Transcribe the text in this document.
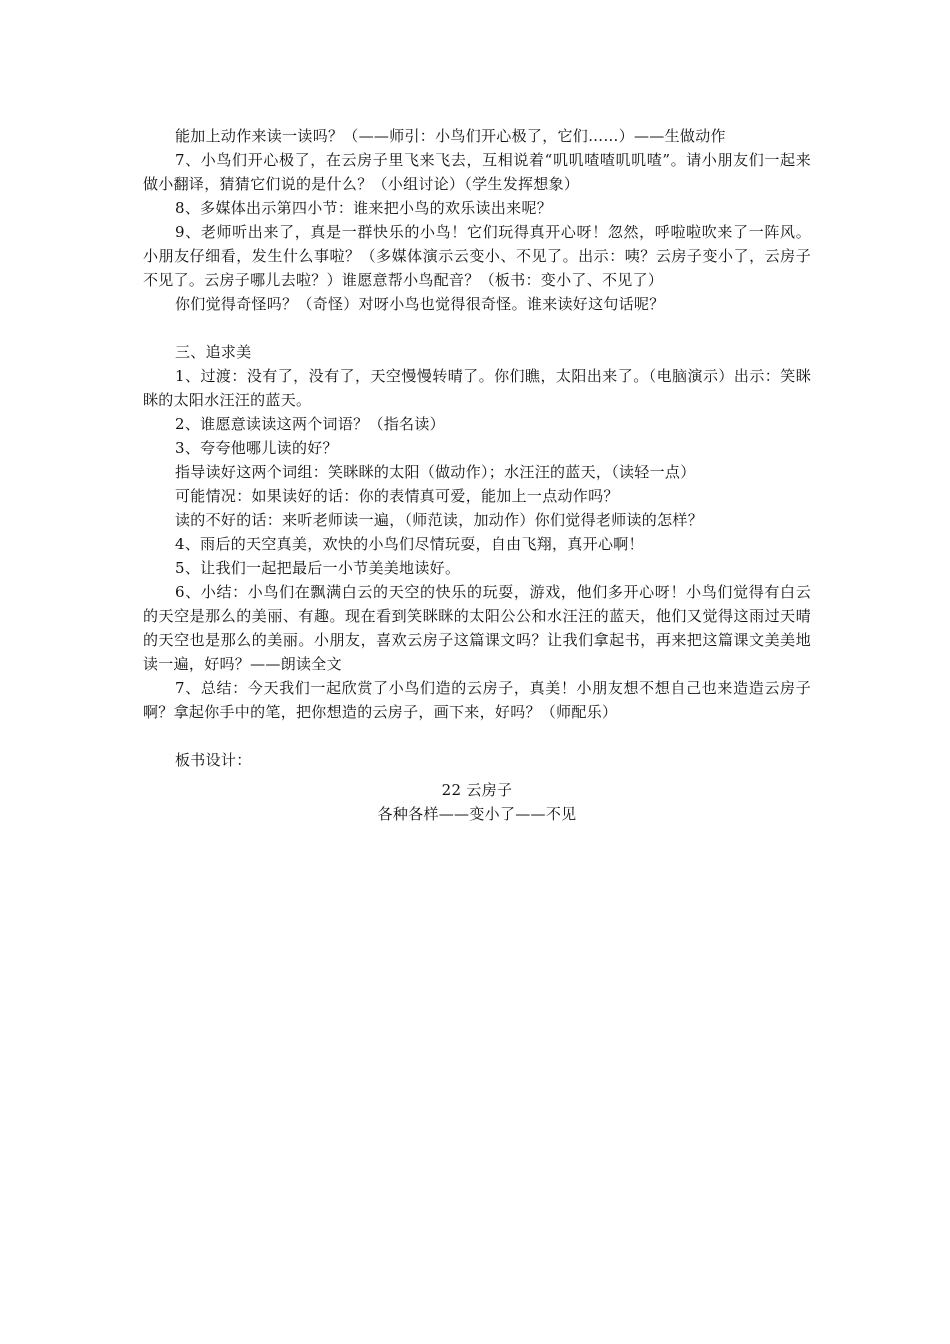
能加上动作来读一读吗？（——师引：小鸟们开心极了，它们……）——生做动作

7、小鸟们开心极了，在云房子里飞来飞去，互相说着“叽叽喳喳叽叽喳”。请小朋友们一起来做小翻译，猜猜它们说的是什么？（小组讨论）（学生发挥想象）

8、多媒体出示第四小节：谁来把小鸟的欢乐读出来呢？

9、老师听出来了，真是一群快乐的小鸟！它们玩得真开心呀！忽然，呼啦啦吹来了一阵风。小朋友仔细看，发生什么事啦？（多媒体演示云变小、不见了。出示：咦？云房子变小了，云房子不见了。云房子哪儿去啦？）谁愿意帮小鸟配音？（板书：变小了、不见了）

你们觉得奇怪吗？（奇怪）对呀小鸟也觉得很奇怪。谁来读好这句话呢？

三、追求美

1、过渡：没有了，没有了，天空慢慢转晴了。你们瞧，太阳出来了。（电脑演示）出示：笑眯眯的太阳水汪汪的蓝天。

2、谁愿意读读这两个词语？（指名读）

3、夸夸他哪儿读的好？

指导读好这两个词组：笑眯眯的太阳（做动作）；水汪汪的蓝天，（读轻一点）

可能情况：如果读好的话：你的表情真可爱，能加上一点动作吗？

读的不好的话：来听老师读一遍，（师范读，加动作）你们觉得老师读的怎样？

4、雨后的天空真美，欢快的小鸟们尽情玩耍，自由飞翔，真开心啊！

5、让我们一起把最后一小节美美地读好。

6、小结：小鸟们在飘满白云的天空的快乐的玩耍，游戏，他们多开心呀！小鸟们觉得有白云的天空是那么的美丽、有趣。现在看到笑眯眯的太阳公公和水汪汪的蓝天，他们又觉得这雨过天晴的天空也是那么的美丽。小朋友，喜欢云房子这篇课文吗？让我们拿起书，再来把这篇课文美美地读一遍，好吗？——朗读全文

7、总结：今天我们一起欣赏了小鸟们造的云房子，真美！小朋友想不想自己也来造造云房子啊？拿起你手中的笔，把你想造的云房子，画下来，好吗？（师配乐）

板书设计：

22 云房子

各种各样——变小了——不见
